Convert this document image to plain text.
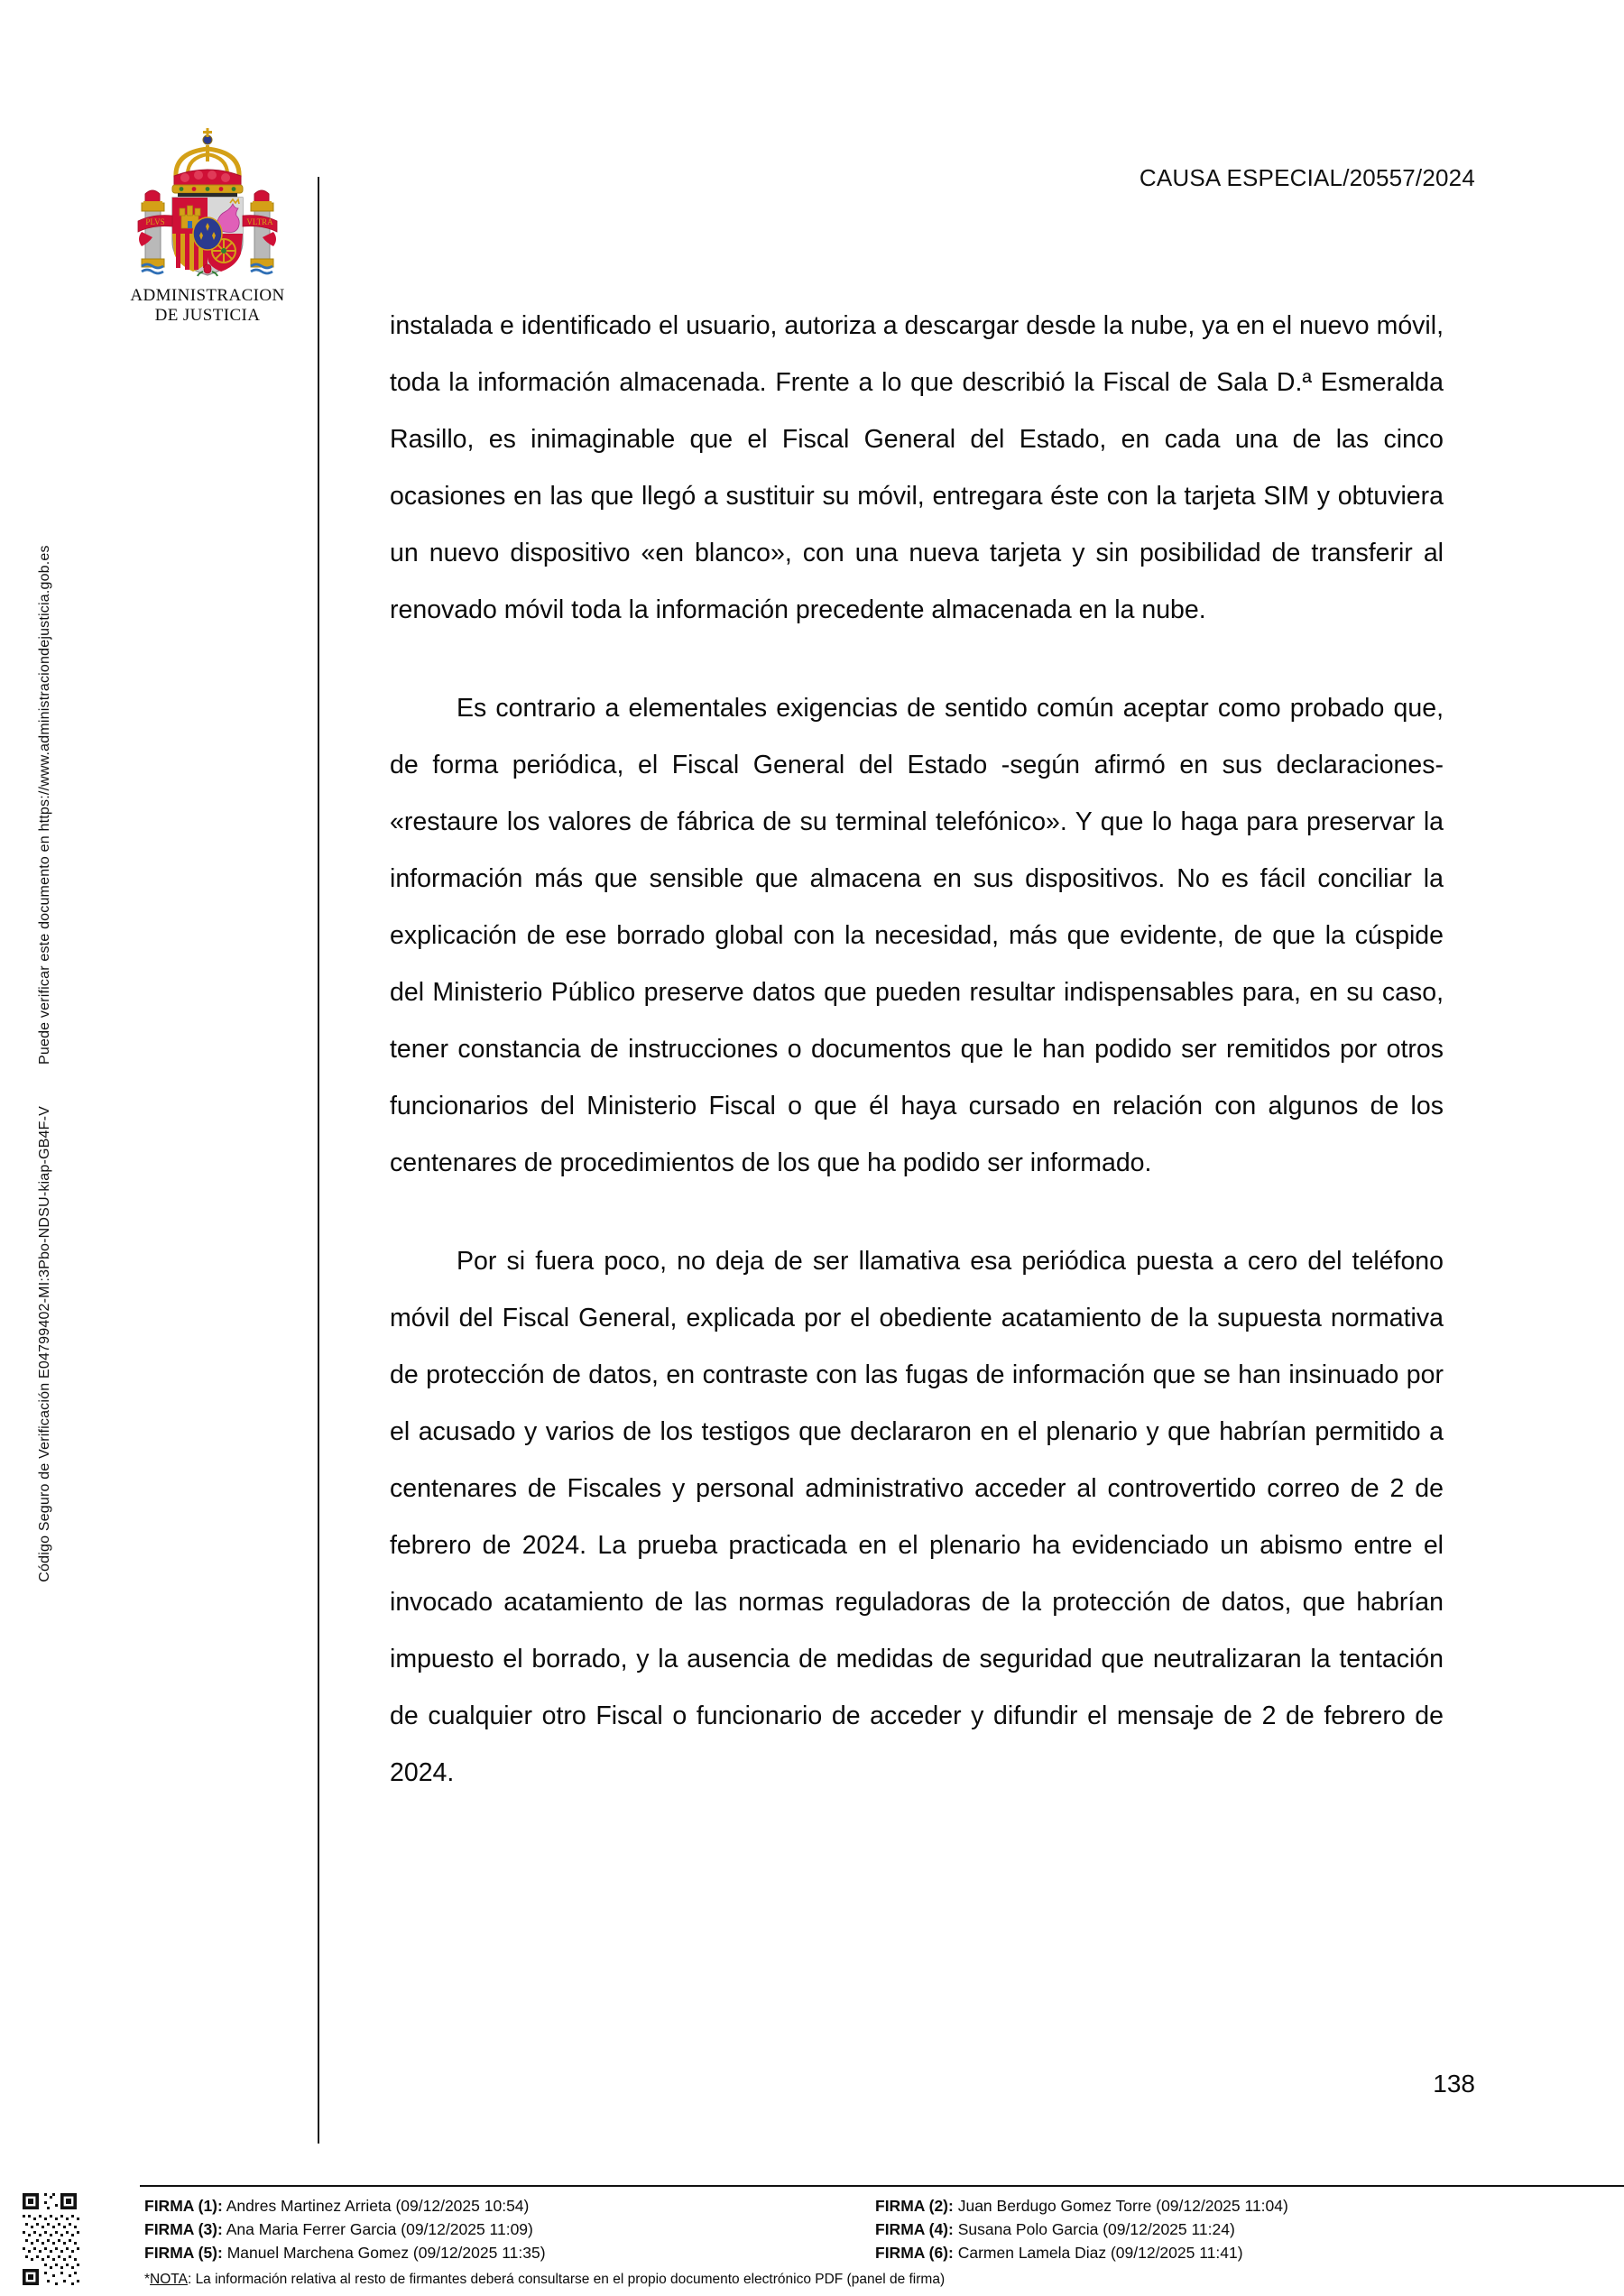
Código Seguro de Verificación E04799402-MI:3Pbo-NDSU-kiap-GB4F-VPuede verificar este documento en https://www.administraciondejusticia.gob.es
PLVS	VLTRA
ADMINISTRACION
DE JUSTICIA
CAUSA ESPECIAL/20557/2024

instalada e identificado el usuario, autoriza a descargar desde la nube, ya en el nuevo móvil, toda la información almacenada. Frente a lo que describió la Fiscal de Sala D.ª Esmeralda Rasillo, es inimaginable que el Fiscal General del Estado, en cada una de las cinco ocasiones en las que llegó a sustituir su móvil, entregara éste con la tarjeta SIM y obtuviera un nuevo dispositivo «en blanco», con una nueva tarjeta y sin posibilidad de transferir al renovado móvil toda la información precedente almacenada en la nube.

Es contrario a elementales exigencias de sentido común aceptar como probado que, de forma periódica, el Fiscal General del Estado -según afirmó en sus declaraciones- «restaure los valores de fábrica de su terminal telefónico». Y que lo haga para preservar la información más que sensible que almacena en sus dispositivos. No es fácil conciliar la explicación de ese borrado global con la necesidad, más que evidente, de que la cúspide del Ministerio Público preserve datos que pueden resultar indispensables para, en su caso, tener constancia de instrucciones o documentos que le han podido ser remitidos por otros funcionarios del Ministerio Fiscal o que él haya cursado en relación con algunos de los centenares de procedimientos de los que ha podido ser informado.

Por si fuera poco, no deja de ser llamativa esa periódica puesta a cero del teléfono móvil del Fiscal General, explicada por el obediente acatamiento de la supuesta normativa de protección de datos, en contraste con las fugas de información que se han insinuado por el acusado y varios de los testigos que declararon en el plenario y que habrían permitido a centenares de Fiscales y personal administrativo acceder al controvertido correo de 2 de febrero de 2024. La prueba practicada en el plenario ha evidenciado un abismo entre el invocado acatamiento de las normas reguladoras de la protección de datos, que habrían impuesto el borrado, y la ausencia de medidas de seguridad que neutralizaran la tentación de cualquier otro Fiscal o funcionario de acceder y difundir el mensaje de 2 de febrero de 2024.

138
FIRMA (1): Andres Martinez Arrieta (09/12/2025 10:54)	FIRMA (2): Juan Berdugo Gomez Torre (09/12/2025 11:04)
FIRMA (3): Ana Maria Ferrer Garcia (09/12/2025 11:09)	FIRMA (4): Susana Polo Garcia (09/12/2025 11:24)
FIRMA (5): Manuel Marchena Gomez (09/12/2025 11:35)	FIRMA (6): Carmen Lamela Diaz (09/12/2025 11:41)
*NOTA: La información relativa al resto de firmantes deberá consultarse en el propio documento electrónico PDF (panel de firma)
